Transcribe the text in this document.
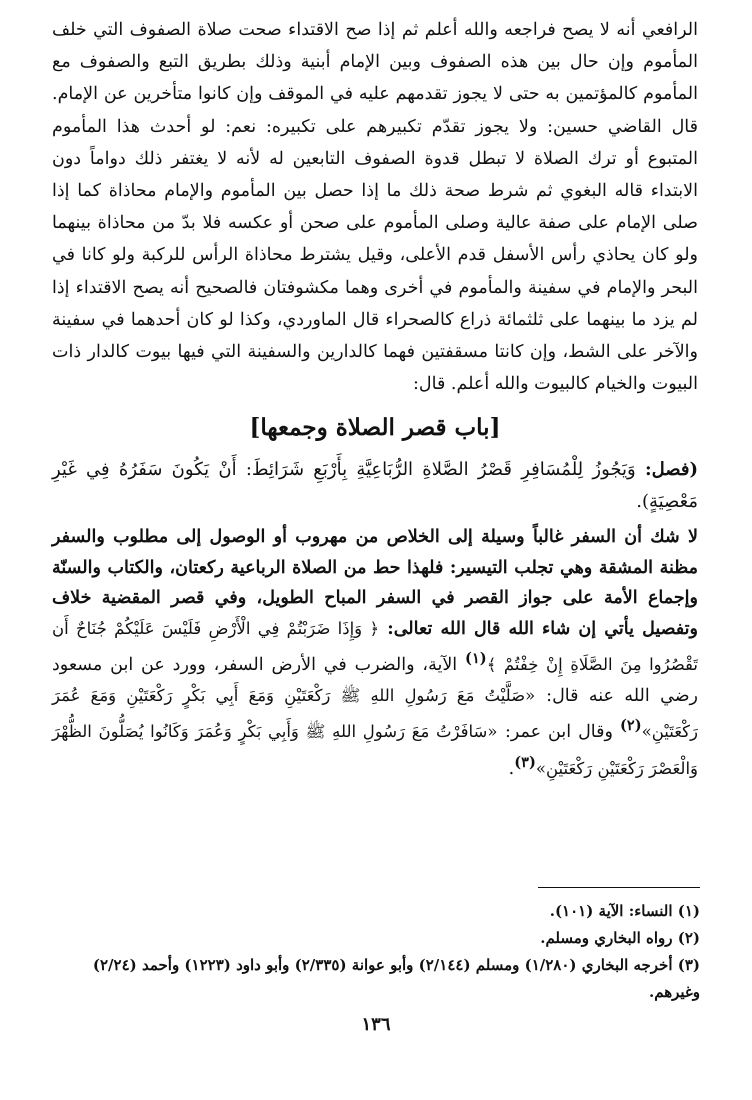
الرافعي أنه لا يصح فراجعه والله أعلم ثم إذا صح الاقتداء صحت صلاة الصفوف التي خلف المأموم وإن حال بين هذه الصفوف وبين الإمام أبنية وذلك بطريق التبع والصفوف مع المأموم كالمؤتمين به حتى لا يجوز تقدمهم عليه في الموقف وإن كانوا متأخرين عن الإمام. قال القاضي حسين: ولا يجوز تقدّم تكبيرهم على تكبيره: نعم: لو أحدث هذا المأموم المتبوع أو ترك الصلاة لا تبطل قدوة الصفوف التابعين له لأنه لا يغتفر ذلك دواماً دون الابتداء قاله البغوي ثم شرط صحة ذلك ما إذا حصل بين المأموم والإمام محاذاة كما إذا صلى الإمام على صفة عالية وصلى المأموم على صحن أو عكسه فلا بدّ من محاذاة بينهما ولو كان يحاذي رأس الأسفل قدم الأعلى، وقيل يشترط محاذاة الرأس للركبة ولو كانا في البحر والإمام في سفينة والمأموم في أخرى وهما مكشوفتان فالصحيح أنه يصح الاقتداء إذا لم يزد ما بينهما على ثلثمائة ذراع كالصحراء قال الماوردي، وكذا لو كان أحدهما في سفينة والآخر على الشط، وإن كانتا مسقفتين فهما كالدارين والسفينة التي فيها بيوت كالدار ذات البيوت والخيام كالبيوت والله أعلم. قال:

[باب قصر الصلاة وجمعها]

(فصل: وَيَجُوزُ لِلْمُسَافِرِ قَصْرُ الصَّلاةِ الرُّبَاعِيَّةِ بِأَرْبَعِ شَرَائِطَ: أَنْ يَكُونَ سَفَرُهُ فِي غَيْرِ مَعْصِيَةٍ).

لا شك أن السفر غالباً وسيلة إلى الخلاص من مهروب أو الوصول إلى مطلوب والسفر مظنة المشقة وهي تجلب التيسير: فلهذا حط من الصلاة الرباعية ركعتان، والكتاب والسنّة وإجماع الأمة على جواز القصر في السفر المباح الطويل، وفي قصر المقضية خلاف وتفصيل يأتي إن شاء الله قال الله تعالى: ﴿ وَإِذَا ضَرَبْتُمْ فِي الْأَرْضِ فَلَيْسَ عَلَيْكُمْ جُنَاحٌ أَن تَقْصُرُوا مِنَ الصَّلَاةِ إِنْ خِفْتُمْ ﴾$^{(١)}$ الآية، والضرب في الأرض السفر، وورد عن ابن مسعود رضي الله عنه قال: «صَلَّيْتُ مَعَ رَسُولِ اللهِ ﷺ رَكْعَتَيْنِ وَمَعَ أَبِي بَكْرٍ رَكْعَتَيْنِ وَمَعَ عُمَرَ رَكْعَتَيْنِ»$^{(٢)}$ وقال ابن عمر: «سَافَرْتُ مَعَ رَسُولِ اللهِ ﷺ وَأَبِي بَكْرٍ وَعُمَرَ وَكَانُوا يُصَلُّونَ الظُّهْرَ وَالْعَصْرَ رَكْعَتَيْنِ رَكْعَتَيْنِ»$^{(٣)}$.

(١) النساء: الآية (١٠١).

(٢) رواه البخاري ومسلم.

(٣) أخرجه البخاري (١/٢٨٠) ومسلم (٢/١٤٤) وأبو عوانة (٢/٣٣٥) وأبو داود (١٢٢٣) وأحمد (٢/٢٤) وغيرهم.

١٣٦
